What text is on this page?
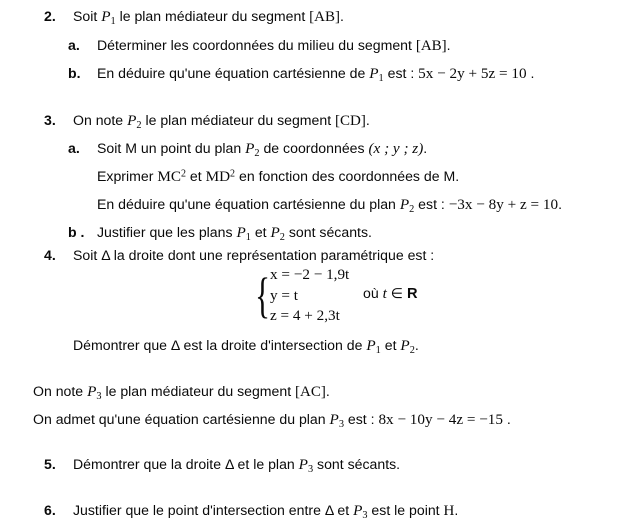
2. Soit $P_1$ le plan médiateur du segment [AB].
a. Déterminer les coordonnées du milieu du segment [AB].
b. En déduire qu'une équation cartésienne de $P_1$ est : 5x − 2y + 5z = 10 .
3. On note $P_2$ le plan médiateur du segment [CD].
a. Soit M un point du plan $P_2$ de coordonnées (x ; y ; z).
Exprimer $MC^2$ et $MD^2$ en fonction des coordonnées de M.
En déduire qu'une équation cartésienne du plan $P_2$ est : −3x − 8y + z = 10.
b . Justifier que les plans $P_1$ et $P_2$ sont sécants.
4. Soit Δ la droite dont une représentation paramétrique est :
{ x = −2 − 1,9t
y = t
z = 4 + 2,3t
où t ∈ R
Démontrer que Δ est la droite d'intersection de $P_1$ et $P_2$.
On note $P_3$ le plan médiateur du segment [AC].
On admet qu'une équation cartésienne du plan $P_3$ est : 8x − 10y − 4z = −15 .
5. Démontrer que la droite Δ et le plan $P_3$ sont sécants.
6. Justifier que le point d'intersection entre Δ et $P_3$ est le point H.
